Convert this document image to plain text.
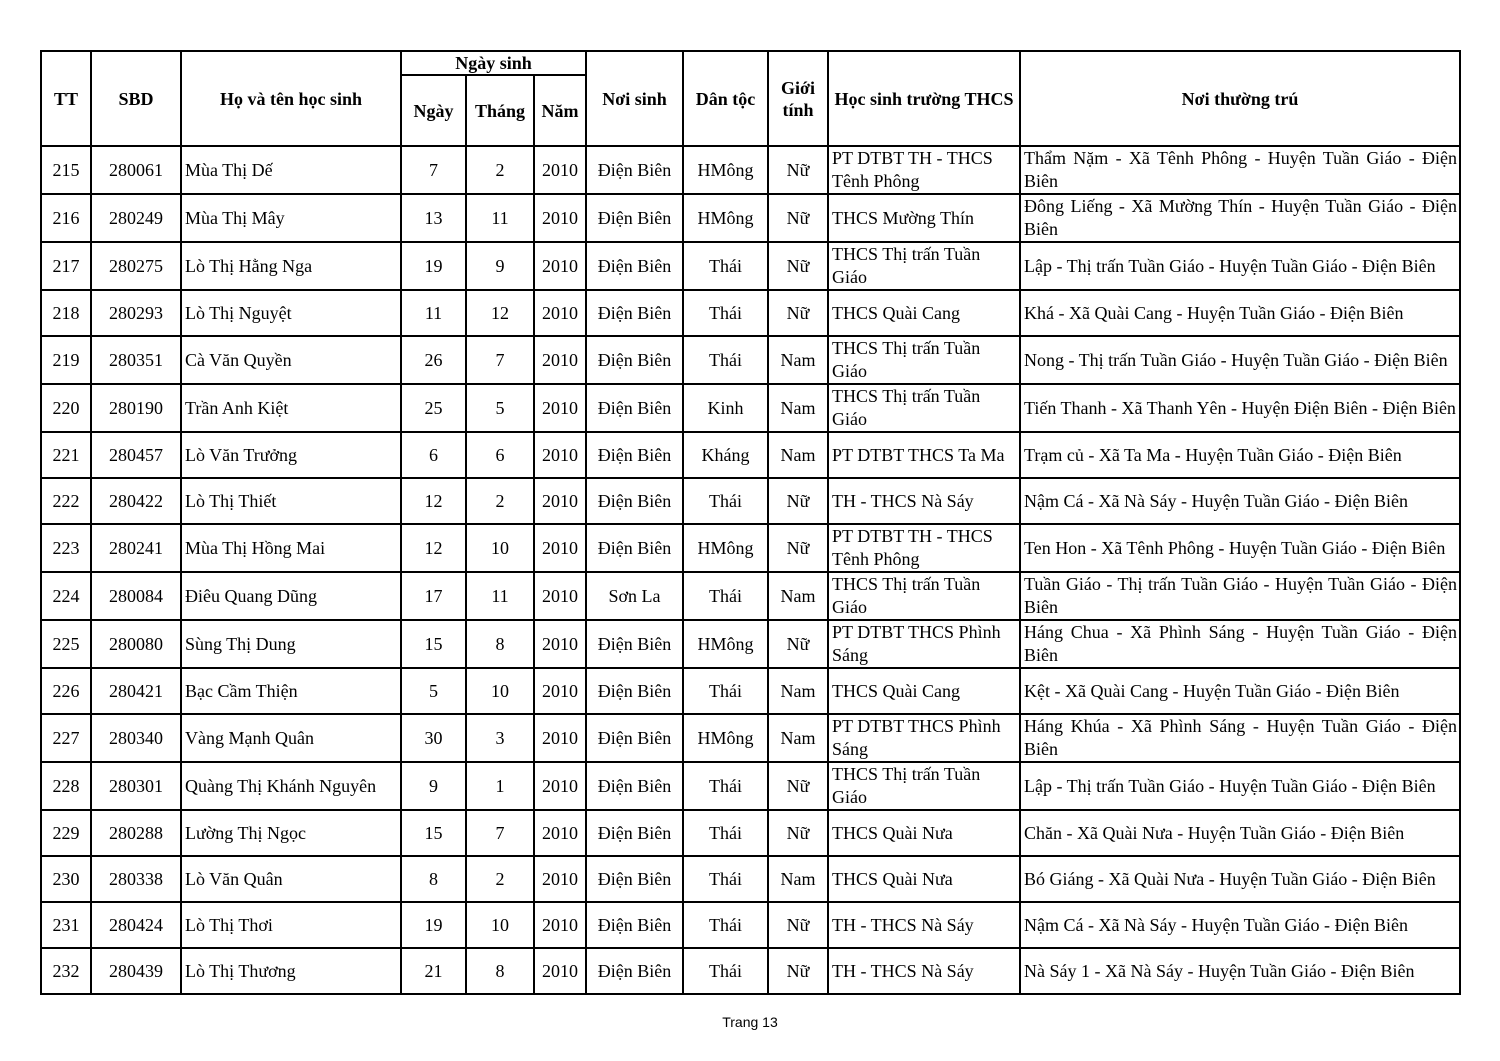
TT	SBD	Họ và tên học sinh	Ngày sinh			Nơi sinh	Dân tộc	Giới tính	Học sinh trường THCS	Nơi thường trú
			Ngày	Tháng	Năm					
215	280061	Mùa Thị Dế	7	2	2010	Điện Biên	HMông	Nữ	PT DTBT TH - THCS Tênh Phông	Thẩm Nặm - Xã Tênh Phông - Huyện Tuần Giáo - Điện Biên
216	280249	Mùa Thị Mây	13	11	2010	Điện Biên	HMông	Nữ	THCS Mường Thín	Đông Liếng - Xã Mường Thín - Huyện Tuần Giáo - Điện Biên
217	280275	Lò Thị Hằng Nga	19	9	2010	Điện Biên	Thái	Nữ	THCS Thị trấn Tuần Giáo	Lập - Thị trấn Tuần Giáo - Huyện Tuần Giáo - Điện Biên
218	280293	Lò Thị Nguyệt	11	12	2010	Điện Biên	Thái	Nữ	THCS Quài Cang	Khá - Xã Quài Cang - Huyện Tuần Giáo - Điện Biên
219	280351	Cà Văn Quyền	26	7	2010	Điện Biên	Thái	Nam	THCS Thị trấn Tuần Giáo	Nong - Thị trấn Tuần Giáo - Huyện Tuần Giáo - Điện Biên
220	280190	Trần Anh Kiệt	25	5	2010	Điện Biên	Kinh	Nam	THCS Thị trấn Tuần Giáo	Tiến Thanh - Xã Thanh Yên - Huyện Điện Biên - Điện Biên
221	280457	Lò Văn Trưởng	6	6	2010	Điện Biên	Kháng	Nam	PT DTBT THCS Ta Ma	Trạm củ - Xã Ta Ma - Huyện Tuần Giáo - Điện Biên
222	280422	Lò Thị Thiết	12	2	2010	Điện Biên	Thái	Nữ	TH - THCS Nà Sáy	Nậm Cá - Xã Nà Sáy - Huyện Tuần Giáo - Điện Biên
223	280241	Mùa Thị Hồng Mai	12	10	2010	Điện Biên	HMông	Nữ	PT DTBT TH - THCS Tênh Phông	Ten Hon - Xã Tênh Phông - Huyện Tuần Giáo - Điện Biên
224	280084	Điêu Quang Dũng	17	11	2010	Sơn La	Thái	Nam	THCS Thị trấn Tuần Giáo	Tuần Giáo - Thị trấn Tuần Giáo - Huyện Tuần Giáo - Điện Biên
225	280080	Sùng Thị Dung	15	8	2010	Điện Biên	HMông	Nữ	PT DTBT THCS Phình Sáng	Háng Chua - Xã Phình Sáng - Huyện Tuần Giáo - Điện Biên
226	280421	Bạc Cầm Thiện	5	10	2010	Điện Biên	Thái	Nam	THCS Quài Cang	Kệt - Xã Quài Cang - Huyện Tuần Giáo - Điện Biên
227	280340	Vàng Mạnh Quân	30	3	2010	Điện Biên	HMông	Nam	PT DTBT THCS Phình Sáng	Háng Khúa - Xã Phình Sáng - Huyện Tuần Giáo - Điện Biên
228	280301	Quàng Thị Khánh Nguyên	9	1	2010	Điện Biên	Thái	Nữ	THCS Thị trấn Tuần Giáo	Lập - Thị trấn Tuần Giáo - Huyện Tuần Giáo - Điện Biên
229	280288	Lường Thị Ngọc	15	7	2010	Điện Biên	Thái	Nữ	THCS Quài Nưa	Chăn - Xã Quài Nưa - Huyện Tuần Giáo - Điện Biên
230	280338	Lò Văn Quân	8	2	2010	Điện Biên	Thái	Nam	THCS Quài Nưa	Bó Giáng - Xã Quài Nưa - Huyện Tuần Giáo - Điện Biên
231	280424	Lò Thị Thơi	19	10	2010	Điện Biên	Thái	Nữ	TH - THCS Nà Sáy	Nậm Cá - Xã Nà Sáy - Huyện Tuần Giáo - Điện Biên
232	280439	Lò Thị Thương	21	8	2010	Điện Biên	Thái	Nữ	TH - THCS Nà Sáy	Nà Sáy 1 - Xã Nà Sáy - Huyện Tuần Giáo - Điện Biên
Trang 13
